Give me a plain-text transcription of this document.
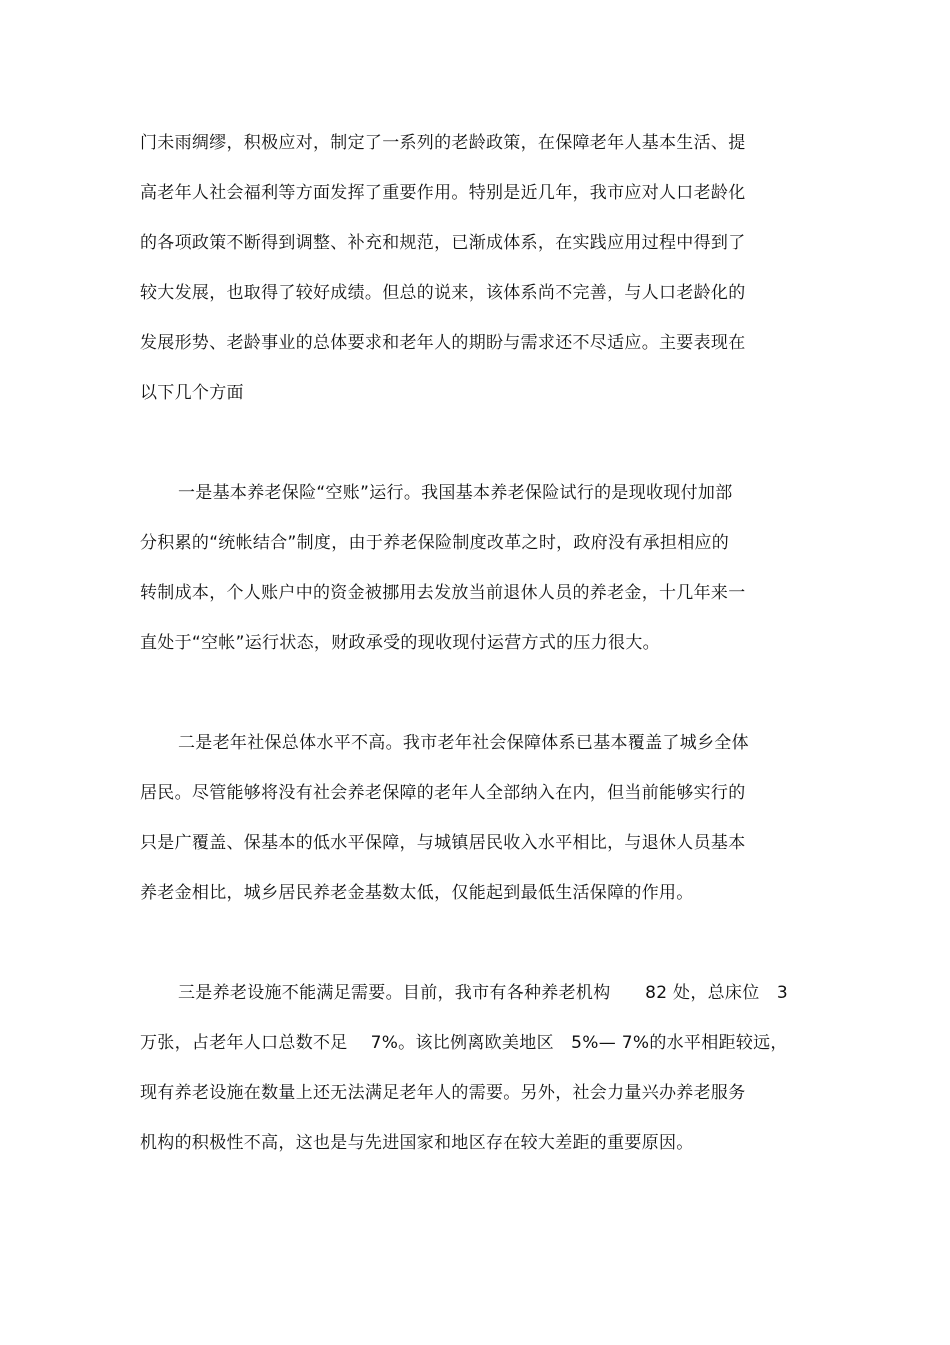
门未雨绸缪，积极应对，制定了一系列的老龄政策，在保障老年人基本生活、提
高老年人社会福利等方面发挥了重要作用。特别是近几年，我市应对人口老龄化
的各项政策不断得到调整、补充和规范，已渐成体系，在实践应用过程中得到了
较大发展，也取得了较好成绩。但总的说来，该体系尚不完善，与人口老龄化的
发展形势、老龄事业的总体要求和老年人的期盼与需求还不尽适应。主要表现在
以下几个方面
一是基本养老保险“空账”运行。我国基本养老保险试行的是现收现付加部
分积累的“统帐结合”制度，由于养老保险制度改革之时，政府没有承担相应的
转制成本，个人账户中的资金被挪用去发放当前退休人员的养老金，十几年来一
直处于“空帐”运行状态，财政承受的现收现付运营方式的压力很大。
二是老年社保总体水平不高。我市老年社会保障体系已基本覆盖了城乡全体
居民。尽管能够将没有社会养老保障的老年人全部纳入在内，但当前能够实行的
只是广覆盖、保基本的低水平保障，与城镇居民收入水平相比，与退休人员基本
养老金相比，城乡居民养老金基数太低，仅能起到最低生活保障的作用。
三是养老设施不能满足需要。目前，我市有各种养老机构　　82 处，总床位　3
万张，占老年人口总数不足　 7%。该比例离欧美地区　5%— 7%的水平相距较远，
现有养老设施在数量上还无法满足老年人的需要。另外，社会力量兴办养老服务
机构的积极性不高，这也是与先进国家和地区存在较大差距的重要原因。
